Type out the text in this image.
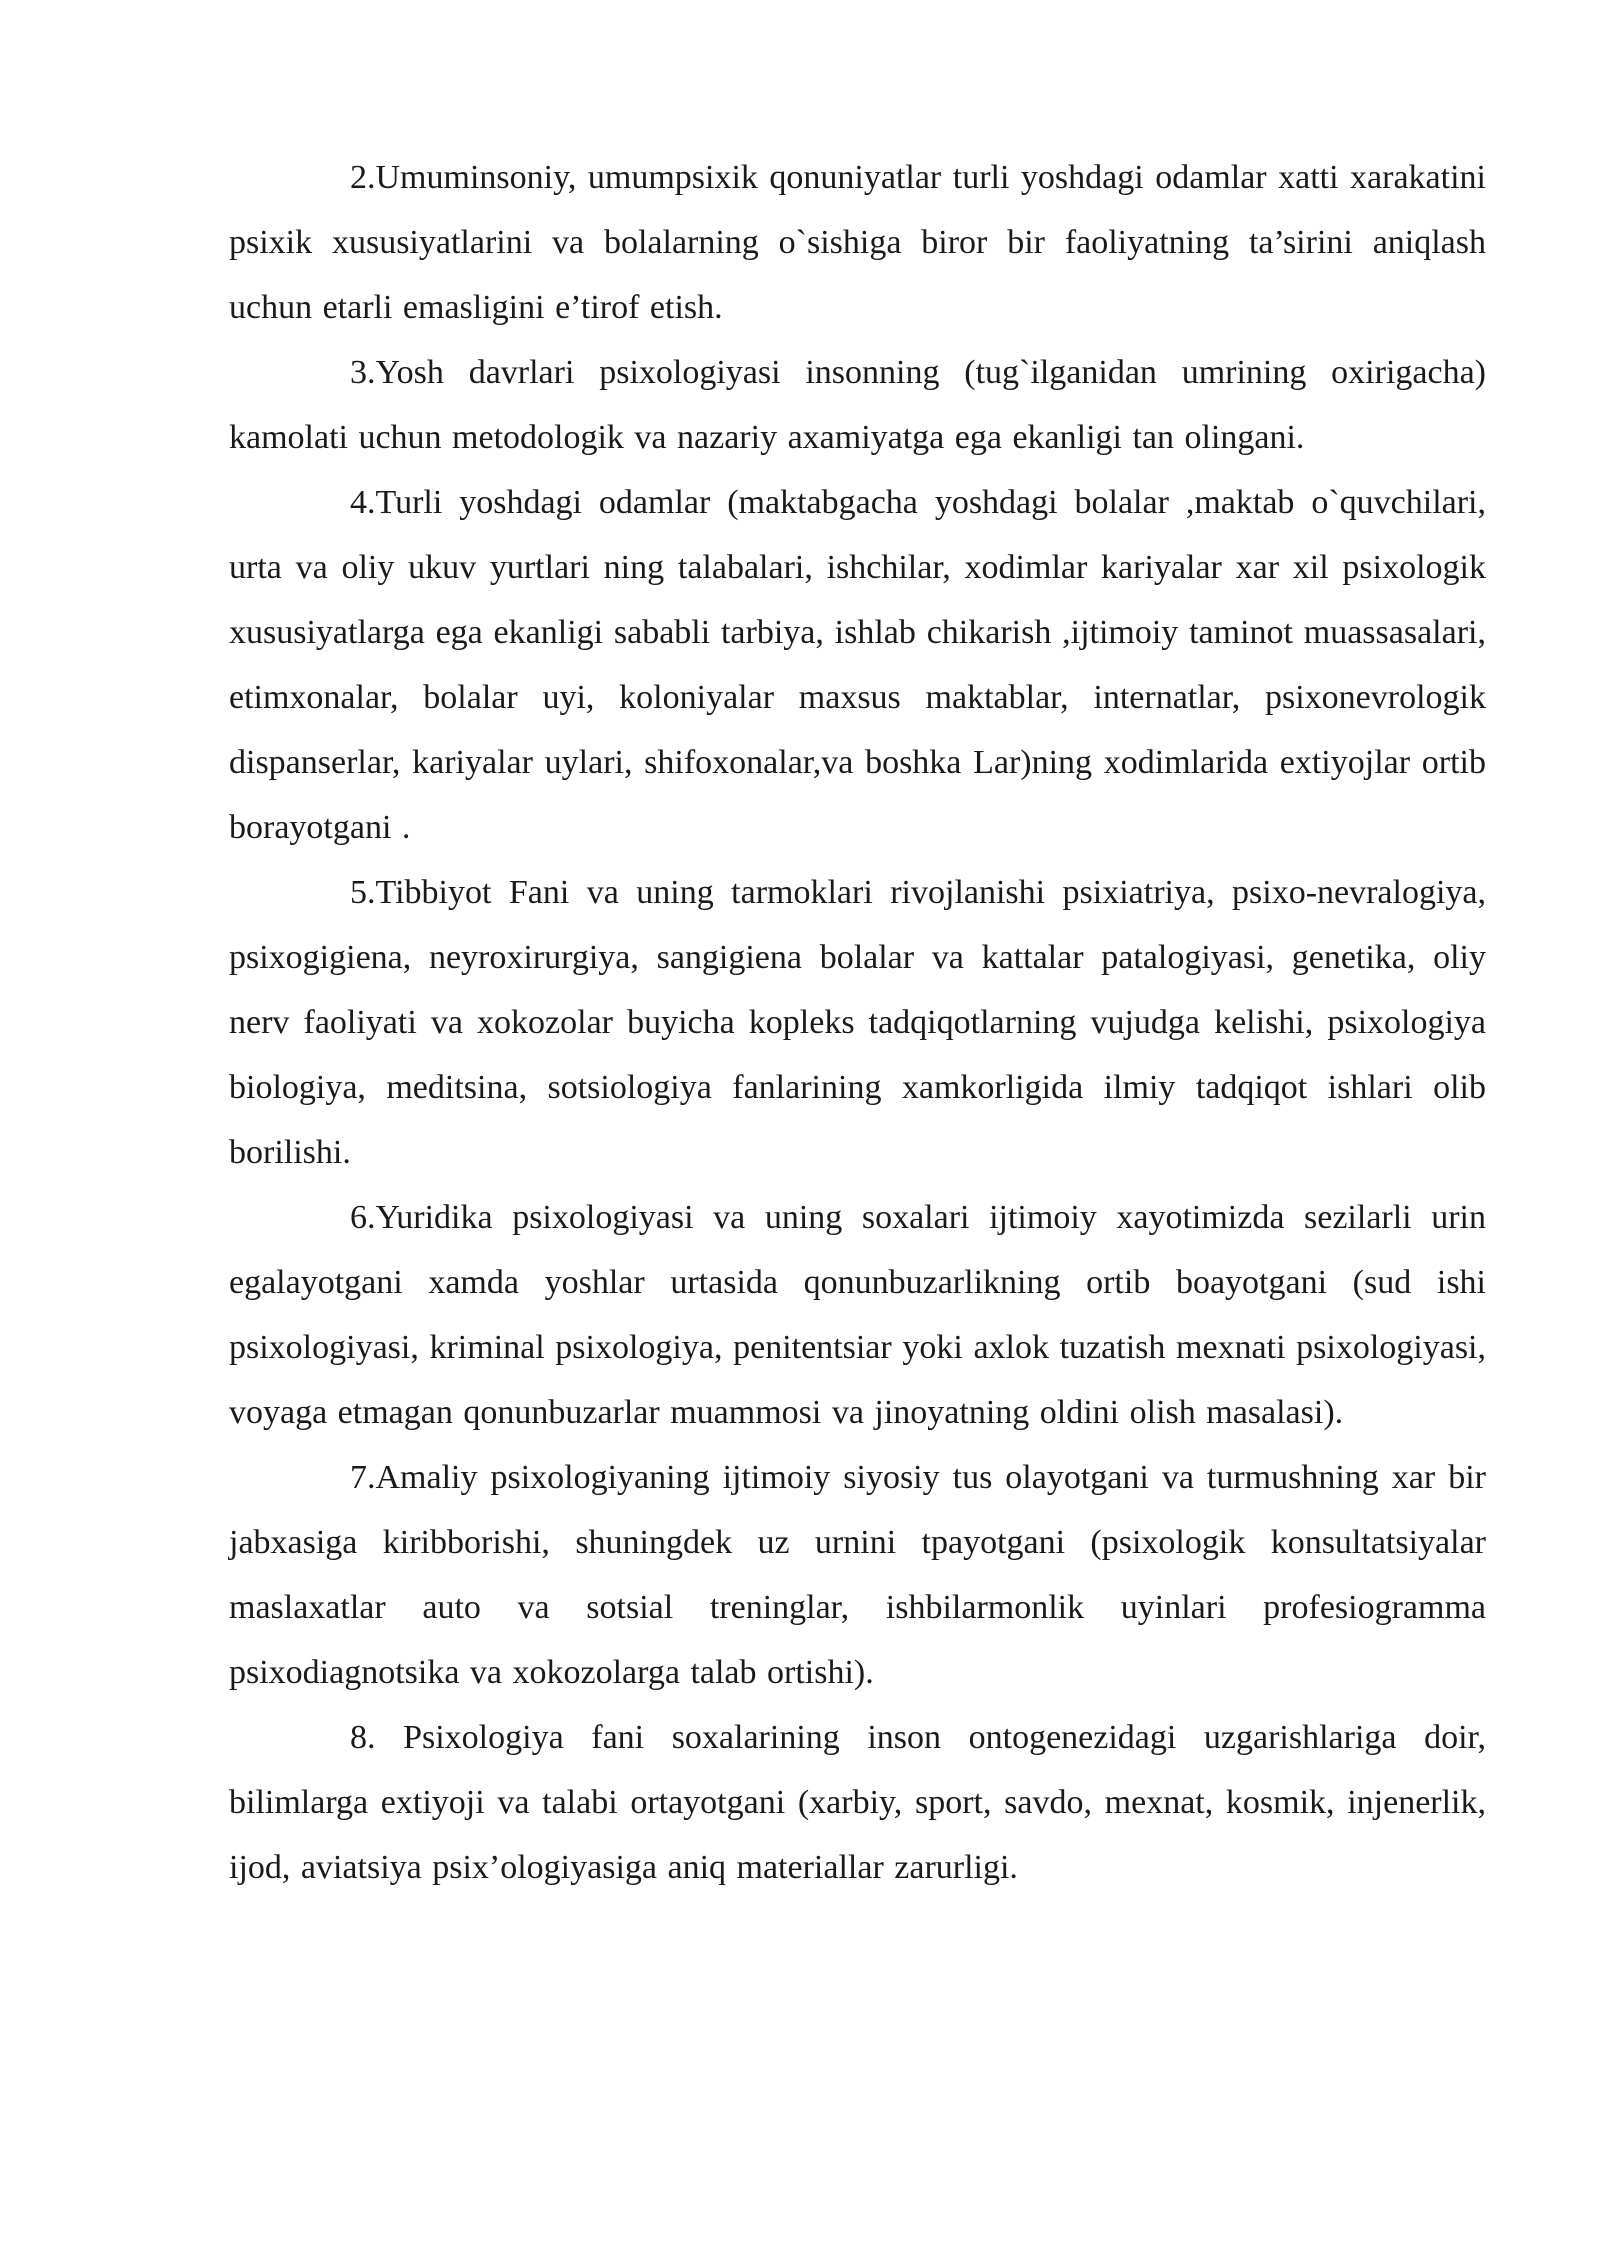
2.Umuminsoniy, umumpsixik qonuniyatlar turli yoshdagi odamlar xatti xarakatini psixik xususiyatlarini va bolalarning o`sishiga biror bir faoliyatning ta’sirini aniqlash uchun etarli emasligini e’tirof etish.

3.Yosh davrlari psixologiyasi insonning (tug`ilganidan umrining oxirigacha) kamolati uchun metodologik va nazariy axamiyatga ega ekanligi tan olingani.

4.Turli yoshdagi odamlar (maktabgacha yoshdagi bolalar ,maktab o`quvchilari, urta va oliy ukuv yurtlari ning talabalari, ishchilar, xodimlar kariyalar xar xil psixologik xususiyatlarga ega ekanligi sababli tarbiya, ishlab chikarish ,ijtimoiy taminot muassasalari, etimxonalar, bolalar uyi, koloniyalar maxsus maktablar, internatlar, psixonevrologik dispanserlar, kariyalar uylari, shifoxonalar,va boshka Lar)ning xodimlarida extiyojlar ortib borayotgani .

5.Tibbiyot Fani va uning tarmoklari rivojlanishi psixiatriya, psixo-nevralogiya, psixogigiena, neyroxirurgiya, sangigiena bolalar va kattalar patalogiyasi, genetika, oliy nerv faoliyati va xokozolar buyicha kopleks tadqiqotlarning vujudga kelishi, psixologiya biologiya, meditsina, sotsiologiya fanlarining xamkorligida ilmiy tadqiqot ishlari olib borilishi.

6.Yuridika psixologiyasi va uning soxalari ijtimoiy xayotimizda sezilarli urin egalayotgani xamda yoshlar urtasida qonunbuzarlikning ortib boayotgani (sud ishi psixologiyasi, kriminal psixologiya, penitentsiar yoki axlok tuzatish mexnati psixologiyasi, voyaga etmagan qonunbuzarlar muammosi va jinoyatning oldini olish masalasi).

7.Amaliy psixologiyaning ijtimoiy siyosiy tus olayotgani va turmushning xar bir jabxasiga kiribborishi, shuningdek uz urnini tpayotgani (psixologik konsultatsiyalar maslaxatlar auto va sotsial treninglar, ishbilarmonlik uyinlari profesiogramma psixodiagnotsika va xokozolarga talab ortishi).

8. Psixologiya fani soxalarining inson ontogenezidagi uzgarishlariga doir, bilimlarga extiyoji va talabi ortayotgani (xarbiy, sport, savdo, mexnat, kosmik, injenerlik, ijod, aviatsiya psix’ologiyasiga aniq materiallar zarurligi.
